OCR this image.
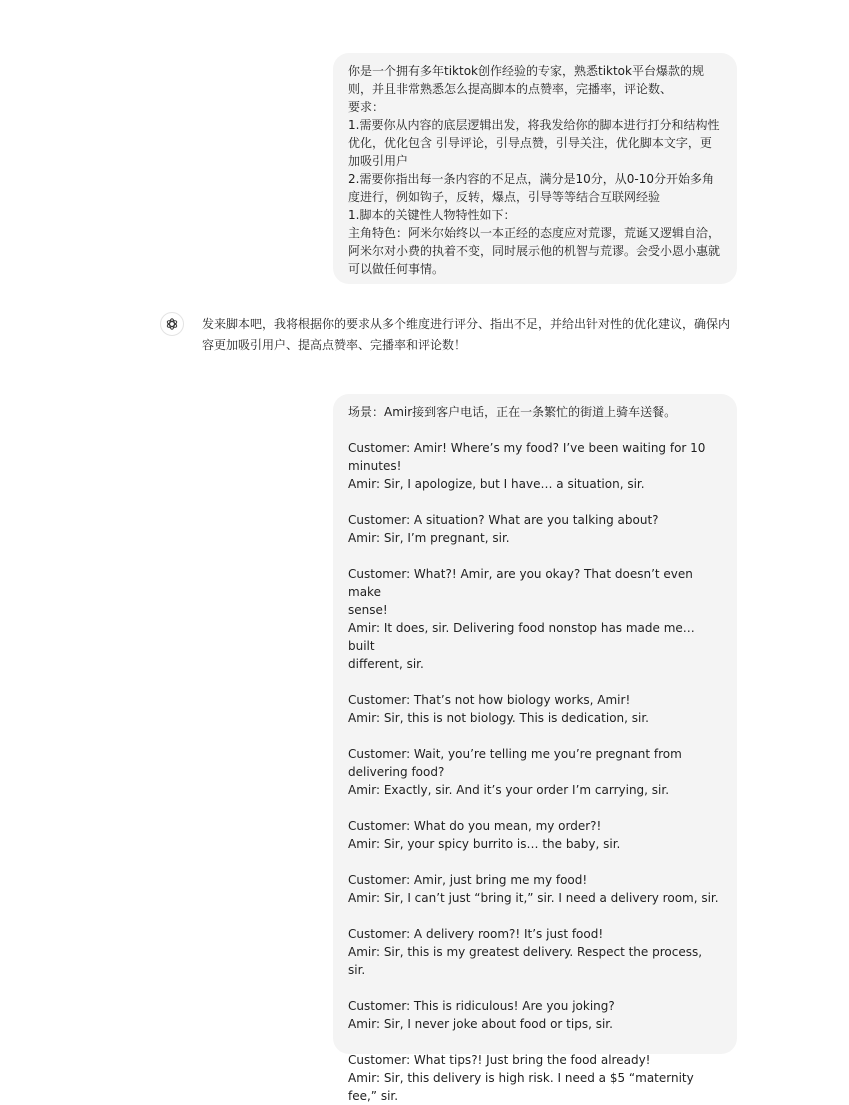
你是一个拥有多年tiktok创作经验的专家，熟悉tiktok平台爆款的规
则，并且非常熟悉怎么提高脚本的点赞率，完播率，评论数、
要求：
1.需要你从内容的底层逻辑出发，将我发给你的脚本进行打分和结构性
优化，优化包含 引导评论，引导点赞，引导关注，优化脚本文字，更
加吸引用户
2.需要你指出每一条内容的不足点，满分是10分，从0-10分开始多角
度进行，例如钩子，反转，爆点，引导等等结合互联网经验
1.脚本的关键性人物特性如下：
主角特色：阿米尔始终以一本正经的态度应对荒谬，荒诞又逻辑自洽，
阿米尔对小费的执着不变，同时展示他的机智与荒谬。会受小恩小惠就
可以做任何事情。
发来脚本吧，我将根据你的要求从多个维度进行评分、指出不足，并给出针对性的优化建议，确保内容更加吸引用户、提高点赞率、完播率和评论数！
场景：Amir接到客户电话，正在一条繁忙的街道上骑车送餐。
Customer: Amir! Where’s my food? I’ve been waiting for 10
minutes!
Amir: Sir, I apologize, but I have… a situation, sir.
Customer: A situation? What are you talking about?
Amir: Sir, I’m pregnant, sir.
Customer: What?! Amir, are you okay? That doesn’t even make
sense!
Amir: It does, sir. Delivering food nonstop has made me… built
different, sir.
Customer: That’s not how biology works, Amir!
Amir: Sir, this is not biology. This is dedication, sir.
Customer: Wait, you’re telling me you’re pregnant from
delivering food?
Amir: Exactly, sir. And it’s your order I’m carrying, sir.
Customer: What do you mean, my order?!
Amir: Sir, your spicy burrito is… the baby, sir.
Customer: Amir, just bring me my food!
Amir: Sir, I can’t just “bring it,” sir. I need a delivery room, sir.
Customer: A delivery room?! It’s just food!
Amir: Sir, this is my greatest delivery. Respect the process, sir.
Customer: This is ridiculous! Are you joking?
Amir: Sir, I never joke about food or tips, sir.
Customer: What tips?! Just bring the food already!
Amir: Sir, this delivery is high risk. I need a $5 “maternity fee,” sir.
